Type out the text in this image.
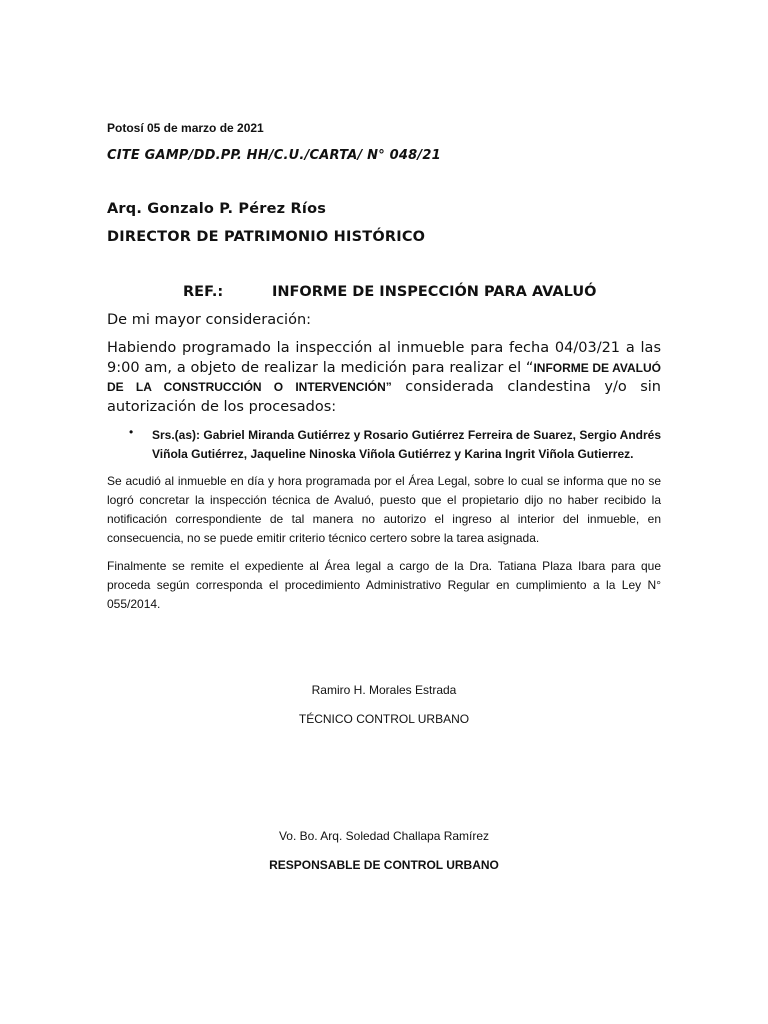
Potosí 05 de marzo de 2021

CITE GAMP/DD.PP. HH/C.U./CARTA/ N° 048/21

Arq. Gonzalo P. Pérez Ríos

DIRECTOR DE PATRIMONIO HISTÓRICO

REF.:	INFORME DE INSPECCIÓN PARA AVALUÓ

De mi mayor consideración:

Habiendo programado la inspección al inmueble para fecha 04/03/21 a las 9:00 am, a objeto de realizar la medición para realizar el “INFORME DE AVALUÓ DE LA CONSTRUCCIÓN O INTERVENCIÓN” considerada clandestina y/o sin autorización de los procesados:

• Srs.(as): Gabriel Miranda Gutiérrez y Rosario Gutiérrez Ferreira de Suarez, Sergio Andrés Viñola Gutiérrez, Jaqueline Ninoska Viñola Gutiérrez y Karina Ingrit Viñola Gutierrez.

Se acudió al inmueble en día y hora programada por el Área Legal, sobre lo cual se informa que no se logró concretar la inspección técnica de Avaluó, puesto que el propietario dijo no haber recibido la notificación correspondiente de tal manera no autorizo el ingreso al interior del inmueble, en consecuencia, no se puede emitir criterio técnico certero sobre la tarea asignada.

Finalmente se remite el expediente al Área legal a cargo de la Dra. Tatiana Plaza Ibara para que proceda según corresponda el procedimiento Administrativo Regular en cumplimiento a la Ley N° 055/2014.

Ramiro H. Morales Estrada

TÉCNICO CONTROL URBANO

Vo. Bo. Arq. Soledad Challapa Ramírez

RESPONSABLE DE CONTROL URBANO
